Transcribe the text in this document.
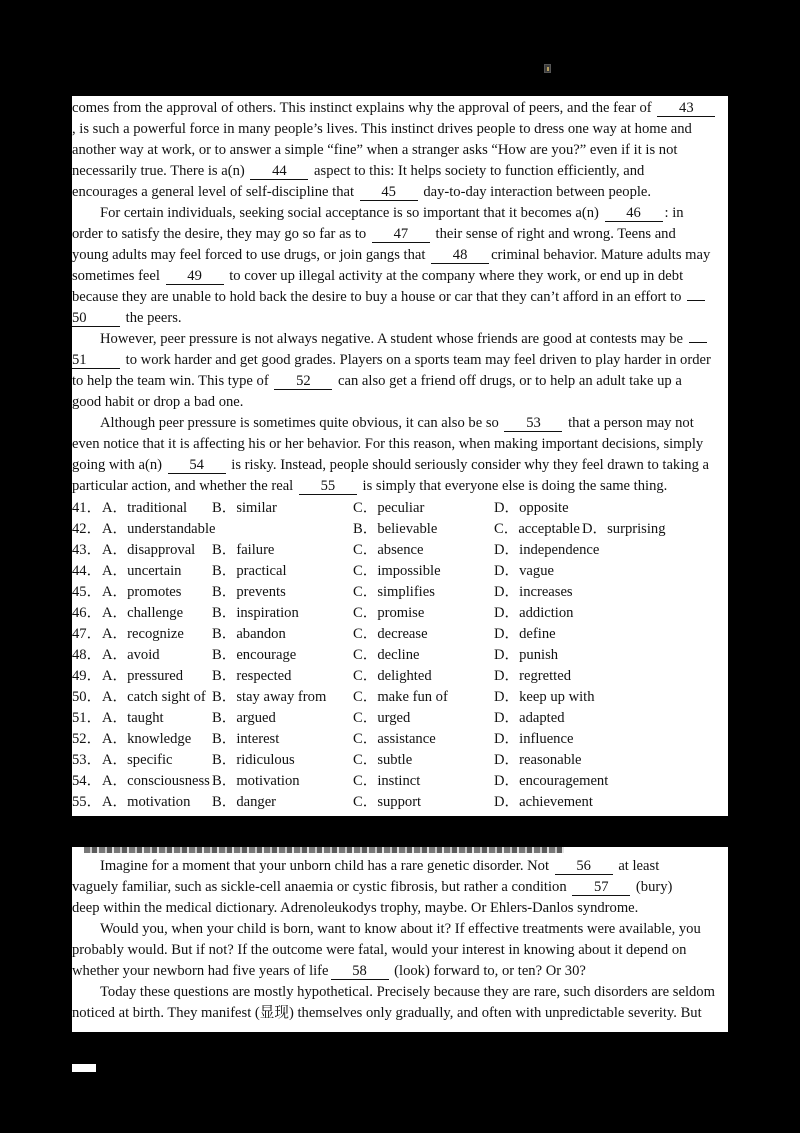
comes from the approval of others. This instinct explains why the approval of peers, and the fear of 43
, is such a powerful force in many people’s lives. This instinct drives people to dress one way at home and
another way at work, or to answer a simple “fine” when a stranger asks “How are you?” even if it is not
necessarily true. There is a(n) 44 aspect to this: It helps society to function efficiently, and
encourages a general level of self-discipline that 45 day-to-day interaction between people.
For certain individuals, seeking social acceptance is so important that it becomes a(n) 46 : in
order to satisfy the desire, they may go so far as to 47 their sense of right and wrong. Teens and
young adults may feel forced to use drugs, or join gangs that 48 criminal behavior. Mature adults may
sometimes feel 49 to cover up illegal activity at the company where they work, or end up in debt
because they are unable to hold back the desire to buy a house or car that they can’t afford in an effort to
50 the peers.
However, peer pressure is not always negative. A student whose friends are good at contests may be
51 to work harder and get good grades. Players on a sports team may feel driven to play harder in order
to help the team win. This type of 52 can also get a friend off drugs, or to help an adult take up a
good habit or drop a bad one.
Although peer pressure is sometimes quite obvious, it can also be so 53 that a person may not
even notice that it is affecting his or her behavior. For this reason, when making important decisions, simply
going with a(n) 54 is risky. Instead, people should seriously consider why they feel drawn to taking a
particular action, and whether the real 55 is simply that everyone else is doing the same thing.
41． A．traditional B．similar	C．peculiar	D．opposite
42． A．understandable	B．believable	C．acceptable D．surprising
43． A．disapproval B．failure	C．absence	D．independence
44． A．uncertain B．practical	C．impossible	D．vague
45． A．promotes B．prevents	C．simplifies	D．increases
46． A．challenge B．inspiration	C．promise	D．addiction
47． A．recognize B．abandon	C．decrease	D．define
48． A．avoid	B．encourage	C．decline	D．punish
49． A．pressured B．respected	C．delighted	D．regretted
50． A．catch sight of B．stay away from C．make fun of	D．keep up with
51． A．taught	B．argued	C．urged	D．adapted
52． A．knowledge B．interest	C．assistance	D．influence
53． A．specific	B．ridiculous	C．subtle	D．reasonable
54． A．consciousness B．motivation	C．instinct	D．encouragement
55． A．motivation B．danger	C．support	D．achievement
Imagine for a moment that your unborn child has a rare genetic disorder. Not 56 at least
vaguely familiar, such as sickle-cell anaemia or cystic fibrosis, but rather a condition 57 (bury)
deep within the medical dictionary. Adrenoleukodys trophy, maybe. Or Ehlers-Danlos syndrome.
Would you, when your child is born, want to know about it? If effective treatments were available, you
probably would. But if not? If the outcome were fatal, would your interest in knowing about it depend on
whether your newborn had five years of life 58 (look) forward to, or ten? Or 30?
Today these questions are mostly hypothetical. Precisely because they are rare, such disorders are seldom
noticed at birth. They manifest (显现) themselves only gradually, and often with unpredictable severity. But
